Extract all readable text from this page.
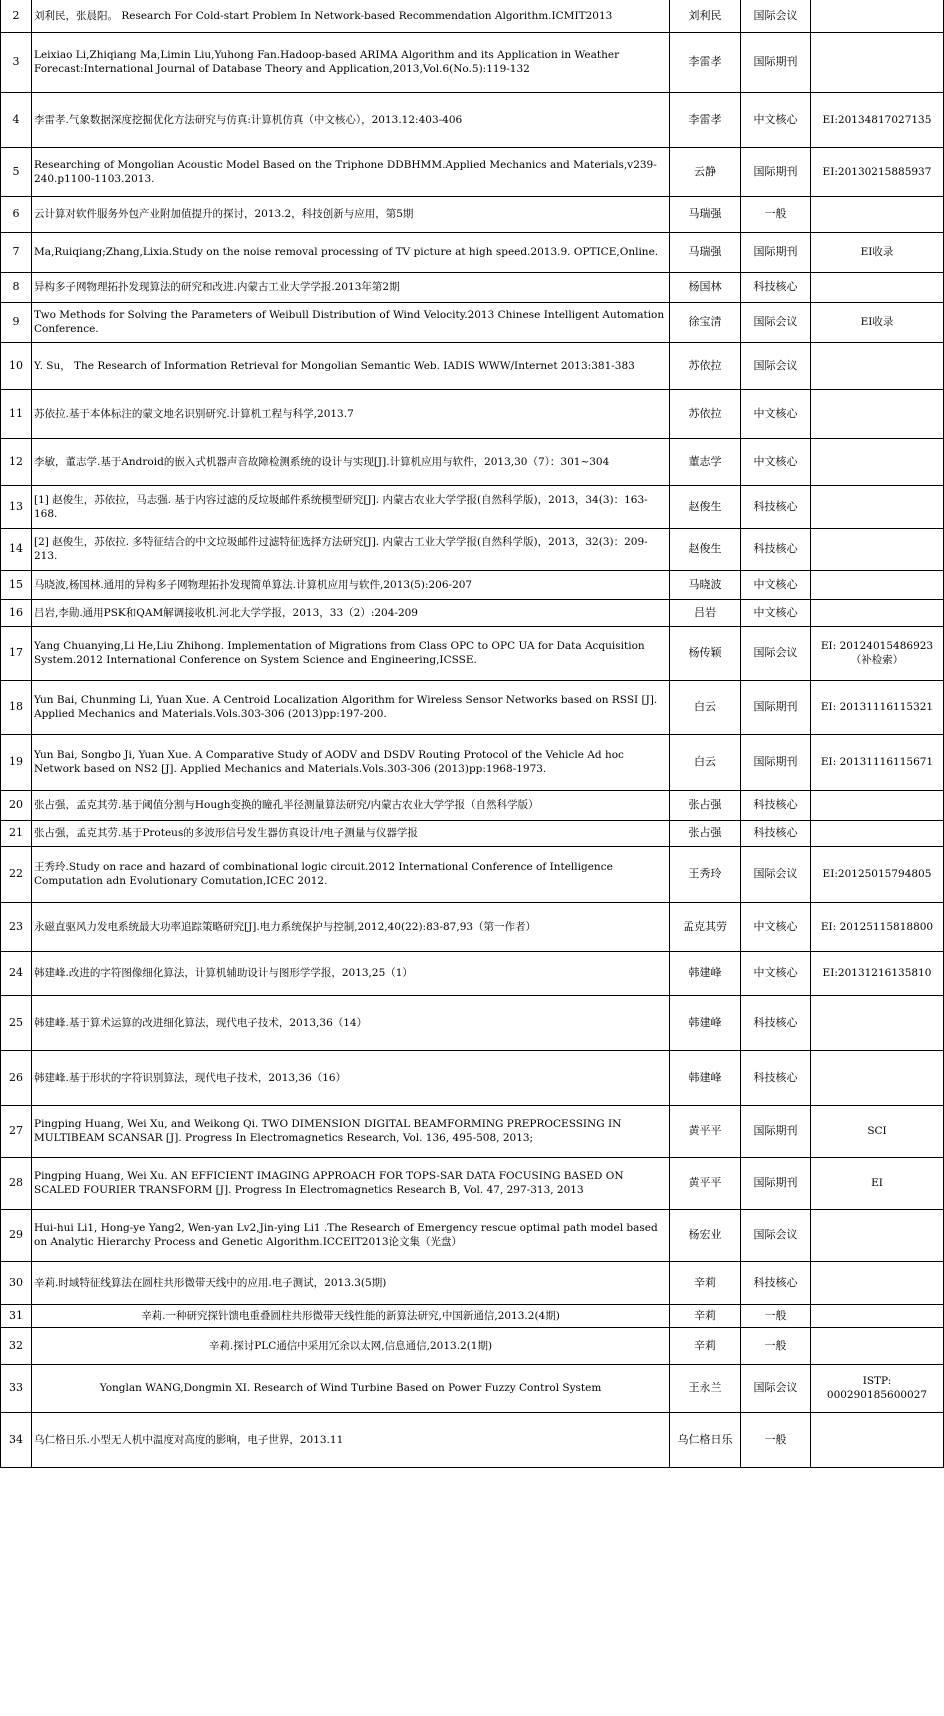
2	刘利民，张晨阳。 Research For Cold-start Problem In Network-based Recommendation Algorithm.ICMIT2013	刘利民	国际会议	
3	Leixiao Li,Zhiqiang Ma,Limin Liu,Yuhong Fan.Hadoop-based ARIMA Algorithm and its Application in Weather Forecast:International Journal of Database Theory and Application,2013,Vol.6(No.5):119-132	李雷孝	国际期刊	
4	李雷孝.气象数据深度挖掘优化方法研究与仿真:计算机仿真（中文核心），2013.12:403-406	李雷孝	中文核心	EI:20134817027135
5	Researching of Mongolian Acoustic Model Based on the Triphone DDBHMM.Applied Mechanics and Materials,v239-240.p1100-1103.2013.	云静	国际期刊	EI:20130215885937
6	云计算对软件服务外包产业附加值提升的探讨，2013.2，科技创新与应用，第5期	马瑞强	一般	
7	Ma,Ruiqiang;Zhang,Lixia.Study on the noise removal processing of TV picture at high speed.2013.9. OPTICE,Online.	马瑞强	国际期刊	EI收录
8	异构多子网物理拓扑发现算法的研究和改进.内蒙古工业大学学报.2013年第2期	杨国林	科技核心	
9	Two Methods for Solving the Parameters of Weibull Distribution of Wind Velocity.2013 Chinese Intelligent Automation Conference.	徐宝清	国际会议	EI收录
10	Y. Su， The Research of Information Retrieval for Mongolian Semantic Web. IADIS WWW/Internet 2013:381-383	苏依拉	国际会议	
11	苏依拉.基于本体标注的蒙文地名识别研究.计算机工程与科学,2013.7	苏依拉	中文核心	
12	李敏，董志学.基于Android的嵌入式机器声音故障检测系统的设计与实现[J].计算机应用与软件，2013,30（7）：301~304	董志学	中文核心	
13	[1] 赵俊生，苏依拉，马志强. 基于内容过滤的反垃圾邮件系统模型研究[J]. 内蒙古农业大学学报(自然科学版)，2013，34(3)：163-168.	赵俊生	科技核心	
14	[2] 赵俊生，苏依拉. 多特征结合的中文垃圾邮件过滤特征选择方法研究[J]. 内蒙古工业大学学报(自然科学版)，2013，32(3)：209-213.	赵俊生	科技核心	
15	马晓波,杨国林.通用的异构多子网物理拓扑发现简单算法.计算机应用与软件,2013(5):206-207	马晓波	中文核心	
16	吕岩,李勋.通用PSK和QAM解调接收机.河北大学学报，2013，33（2）:204-209	吕岩	中文核心	
17	Yang Chuanying,Li He,Liu Zhihong. Implementation of Migrations from Class OPC to OPC UA for Data Acquisition System.2012 International Conference on System Science and Engineering,ICSSE.	杨传颖	国际会议	EI: 20124015486923（补检索）
18	Yun Bai, Chunming Li, Yuan Xue. A Centroid Localization Algorithm for Wireless Sensor Networks based on RSSI [J]. Applied Mechanics and Materials.Vols.303-306 (2013)pp:197-200.	白云	国际期刊	EI: 20131116115321
19	Yun Bai, Songbo Ji, Yuan Xue. A Comparative Study of AODV and DSDV Routing Protocol of the Vehicle Ad hoc Network based on NS2 [J]. Applied Mechanics and Materials.Vols.303-306 (2013)pp:1968-1973.	白云	国际期刊	EI: 20131116115671
20	张占强，孟克其劳.基于阈值分割与Hough变换的瞳孔半径测量算法研究/内蒙古农业大学学报（自然科学版）	张占强	科技核心	
21	张占强，孟克其劳.基于Proteus的多波形信号发生器仿真设计/电子测量与仪器学报	张占强	科技核心	
22	王秀玲.Study on race and hazard of combinational logic circuit.2012 International Conference of Intelligence Computation adn Evolutionary Comutation,ICEC 2012.	王秀玲	国际会议	EI:20125015794805
23	永磁直驱风力发电系统最大功率追踪策略研究[J].电力系统保护与控制,2012,40(22):83-87,93（第一作者）	孟克其劳	中文核心	EI: 20125115818800
24	韩建峰.改进的字符图像细化算法，计算机辅助设计与图形学学报，2013,25（1）	韩建峰	中文核心	EI:20131216135810
25	韩建峰.基于算术运算的改进细化算法，现代电子技术，2013,36（14）	韩建峰	科技核心	
26	韩建峰.基于形状的字符识别算法，现代电子技术，2013,36（16）	韩建峰	科技核心	
27	Pingping Huang, Wei Xu, and Weikong Qi. TWO DIMENSION DIGITAL BEAMFORMING PREPROCESSING IN MULTIBEAM SCANSAR [J]. Progress In Electromagnetics Research, Vol. 136, 495-508, 2013;	黄平平	国际期刊	SCI
28	Pingping Huang, Wei Xu. AN EFFICIENT IMAGING APPROACH FOR TOPS-SAR DATA FOCUSING BASED ON SCALED FOURIER TRANSFORM [J]. Progress In Electromagnetics Research B, Vol. 47, 297-313, 2013	黄平平	国际期刊	EI
29	Hui-hui Li1, Hong-ye Yang2, Wen-yan Lv2,Jin-ying Li1 .The Research of Emergency rescue optimal path model based on Analytic Hierarchy Process and Genetic Algorithm.ICCEIT2013论文集（光盘）	杨宏业	国际会议	
30	辛莉.时域特征线算法在圆柱共形微带天线中的应用.电子测试，2013.3(5期)	辛莉	科技核心	
31	辛莉.一种研究探针馈电重叠圆柱共形微带天线性能的新算法研究,中国新通信,2013.2(4期)	辛莉	一般	
32	辛莉.探讨PLC通信中采用冗余以太网,信息通信,2013.2(1期)	辛莉	一般	
33	Yonglan WANG,Dongmin XI. Research of Wind Turbine Based on Power Fuzzy Control System	王永兰	国际会议	ISTP: 000290185600027
34	乌仁格日乐.小型无人机中温度对高度的影响，电子世界，2013.11	乌仁格日乐	一般	
